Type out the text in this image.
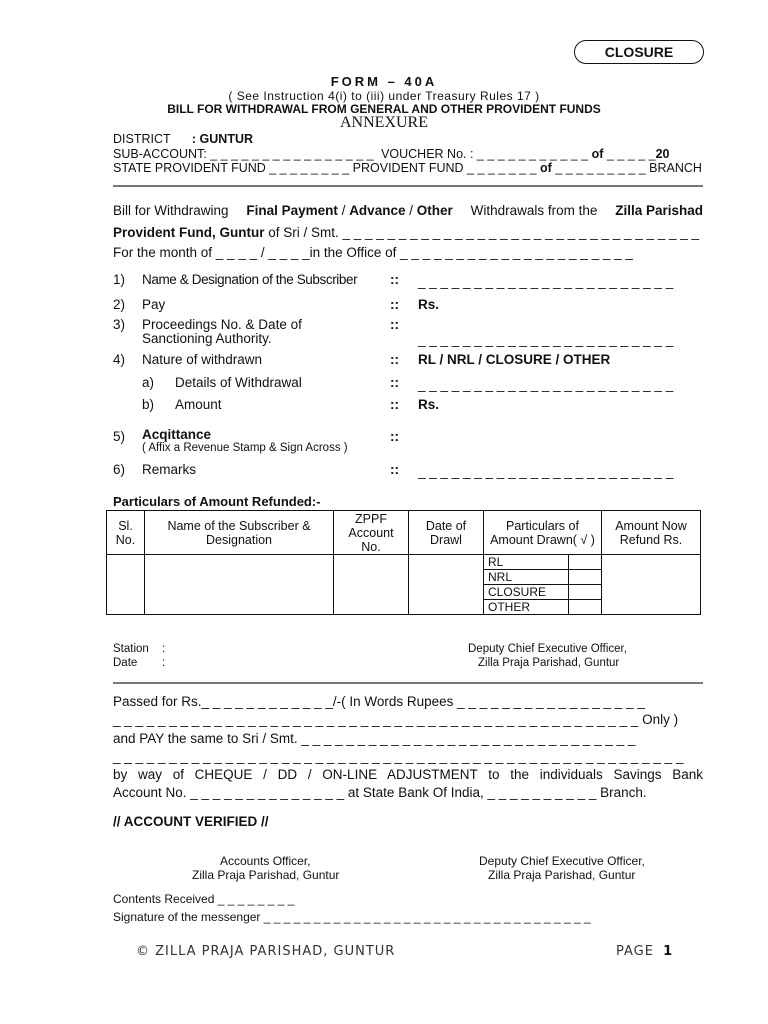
CLOSURE
FORM – 40A
( See Instruction 4(i) to (iii) under Treasury Rules 17 )
BILL FOR WITHDRAWAL FROM GENERAL AND OTHER PROVIDENT FUNDS
ANNEXURE
DISTRICT : GUNTUR
SUB-ACCOUNT: _ _ _ _ _ _ _ _ _ _ _ _ _ _ _ _ VOUCHER No. : _ _ _ _ _ _ _ _ _ _ _ of _ _ _ _ _20
STATE PROVIDENT FUND _ _ _ _ _ _ _ _ PROVIDENT FUND _ _ _ _ _ _ _ of _ _ _ _ _ _ _ _ _ BRANCH
Bill for Withdrawing Final Payment / Advance / Other Withdrawals from the Zilla Parishad
Provident Fund, Guntur of Sri / Smt. _ _ _ _ _ _ _ _ _ _ _ _ _ _ _ _ _ _ _ _ _ _ _ _ _ _ _ _ _ _ _ _
For the month of _ _ _ _ / _ _ _ _in the Office of _ _ _ _ _ _ _ _ _ _ _ _ _ _ _ _ _ _ _ _ _
1) Name & Designation of the Subscriber :: _ _ _ _ _ _ _ _ _ _ _ _ _ _ _ _ _ _ _ _ _ _ _
2) Pay	:: Rs.
3) Proceedings No. & Date of
Sanctioning Authority.
::
_ _ _ _ _ _ _ _ _ _ _ _ _ _ _ _ _ _ _ _ _ _ _
4) Nature of withdrawn	:: RL / NRL / CLOSURE / OTHER
a) Details of Withdrawal	:: _ _ _ _ _ _ _ _ _ _ _ _ _ _ _ _ _ _ _ _ _ _ _
b) Amount	:: Rs.
5) Acqittance
( Affix a Revenue Stamp & Sign Across )
::
6) Remarks	:: _ _ _ _ _ _ _ _ _ _ _ _ _ _ _ _ _ _ _ _ _ _ _
Particulars of Amount Refunded:-
Sl. No.	Name of the Subscriber & Designation	ZPPF Account No.	Date of Drawl	Particulars of Amount Drawn( √ )	Amount Now Refund Rs.

RL	
NRL	
CLOSURE	
OTHER	

Station :
Date :
Deputy Chief Executive Officer,
Zilla Praja Parishad, Guntur
Passed for Rs._ _ _ _ _ _ _ _ _ _ _ _/-( In Words Rupees _ _ _ _ _ _ _ _ _ _ _ _ _ _ _ _ _
_ _ _ _ _ _ _ _ _ _ _ _ _ _ _ _ _ _ _ _ _ _ _ _ _ _ _ _ _ _ _ _ _ _ _ _ _ _ _ _ _ _ _ _ _ _ _ Only )
and PAY the same to Sri / Smt. _ _ _ _ _ _ _ _ _ _ _ _ _ _ _ _ _ _ _ _ _ _ _ _ _ _ _ _ _ _
_ _ _ _ _ _ _ _ _ _ _ _ _ _ _ _ _ _ _ _ _ _ _ _ _ _ _ _ _ _ _ _ _ _ _ _ _ _ _ _ _ _ _ _ _ _ _ _ _ _ _
by way of CHEQUE / DD / ON-LINE ADJUSTMENT to the individuals Savings Bank
Account No. _ _ _ _ _ _ _ _ _ _ _ _ _ _ at State Bank Of India, _ _ _ _ _ _ _ _ _ _ Branch.
// ACCOUNT VERIFIED //
Accounts Officer,
Zilla Praja Parishad, Guntur
Deputy Chief Executive Officer,
Zilla Praja Parishad, Guntur
Contents Received _ _ _ _ _ _ _ _
Signature of the messenger _ _ _ _ _ _ _ _ _ _ _ _ _ _ _ _ _ _ _ _ _ _ _ _ _ _ _ _ _ _ _ _ _
© ZILLA PRAJA PARISHAD, GUNTUR	PAGE 1
